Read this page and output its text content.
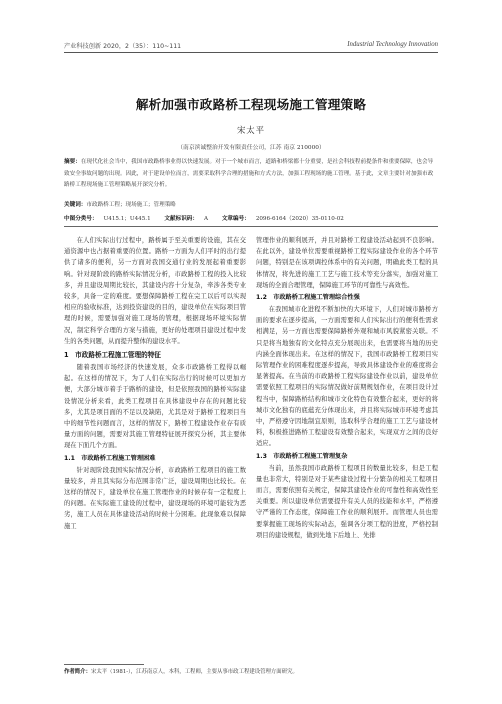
产业科技创新 2020，2（35）：110~111	Industrial Technology Innovation
解析加强市政路桥工程现场施工管理策略
宋太平
（南京滨诚整治开发有限责任公司，江苏 南京 210000）
摘要：在现代化社会当中，我国市政路桥事业得以快速发展。对于一个城市而言，道路和桥梁都十分重要，是社会科技程前提条件和重要保障，也会导致安全事故问题的出现。因此，对于建设单位而言，需要采取科学合理的措施和方式方法，加强工程现场的施工管理。基于此，文章主要针对加强市政路桥工程现场施工管理策略展开深究分析。
关键词：市政路桥工程；现场施工；管理策略
中图分类号： U415.1；U445.1 文献标识码： A 文章编号： 2096-6164（2020）35-0110-02

在人们实际出行过程中，路桥属于至关重要的设施，其在交通资源中也占据着重要的位置。路桥一方面为人们平时的出行提供了诸多的便利，另一方面对我国交通行业的发展起着重要影响。针对现阶段的路桥实际情况分析，市政路桥工程的投入比较多，并且建设周期比较长，其建设内容十分复杂，牵涉各类专业较多，具备一定的难度。要想保障路桥工程在完工以后可以实现相应的验收标准，达到投资建设的目的，建设单位在实际项目管理的时候，需要加强对施工现场的管理，根据现场环境实际情况，制定科学合理的方案与措施，更好的处理项目建设过程中发生的各类问题，从而提升整体的建设水平。

1　市政路桥工程施工管理的特征

随着我国市场经济的快速发展，众多市政路桥工程得以崛起。在这样的情况下，为了人们在实际出行的时候可以更加方便，大部分城市着手于路桥的建设，但是依照我国的路桥实际建设情况分析来看，此类工程项目在具体建设中存在的问题比较多，尤其是项目面的不足以及缺陷，尤其是对于路桥工程项目当中的细节性问题而言，这样的情况下，路桥工程建设作业存有质量方面的问题，需要对其施工管理特征展开探究分析，其主要体现在下面几个方面。

1.1　市政路桥工程施工管理困难

针对现阶段我国实际情况分析，市政路桥工程项目的施工数量较多，并且其实际分布范围非常广泛，建设周期也比较长。在这样的情况下，建设单位在施工管理作业的时候存有一定程度上的问题。在实际施工建设的过程中，建设现场的环境可能较为恶劣，施工人员在具体建设活动的时候十分困难。此现象难以保障施工

管理作业的顺利展开，并且对路桥工程建设活动起到不良影响。在此以外，建设单位需要重视路桥工程实际建设作业的各个环节问题，特别是在该项调控体系中的有关问题，明确此类工程的具体情况，将先进的施工工艺与施工技术等充分落实，加强对施工现场的全面合理管理，保障施工环节的可靠性与高效性。

1.2　市政路桥工程施工管理综合性强

在我国城市化进程不断加快的大环境下，人们对城市路桥方面的要求在逐步提高，一方面需要和人们实际出行的便利性需求相满足，另一方面也需要保障路桥外观和城市风貌紧密关联。不只是将当地独有的文化特点充分展现出来，也需要将当地的历史内涵全面体现出来。在这样的情况下，我国市政路桥工程项目实际管理作业的困难程度逐步提高，导致具体建设作业的难度将会显著提高。在当前的市政路桥工程实际建设作业以前，建设单位需要依照工程项目的实际情况做好前期规划作业，在项目设计过程当中，保障路桥结构和城市文化特色有效整合起来，更好的将城市文化独有的底蕴充分体现出来，并且将实际城市环境考虑其中，严格遵守因地制宜原则，选取科学合理的施工工艺与建设材料，积极推进路桥工程建设有效整合起来，实现双方之间的良好适应。

1.3　市政路桥工程施工管理复杂

当前，虽然我国市政路桥工程项目的数量比较多，但是工程量也非常大，特别是对于某些建设过程十分繁杂的相关工程项目而言，需要依照有关规定，保障其建设作业的可靠性和高效性至关重要。所以建设单位需要提升有关人员的技能和水平，严格遵守严谨的工作态度，保障施工作业的顺利展开。而管理人员也需要掌握施工现场的实际动态，强调各分项工程的进度，严格控制项目的建设规程，做到先地下后地上、先排

作者简介：宋太平（1981-），江苏南京人，本科，工程师，主要从事市政工程建设管理方面研究。
